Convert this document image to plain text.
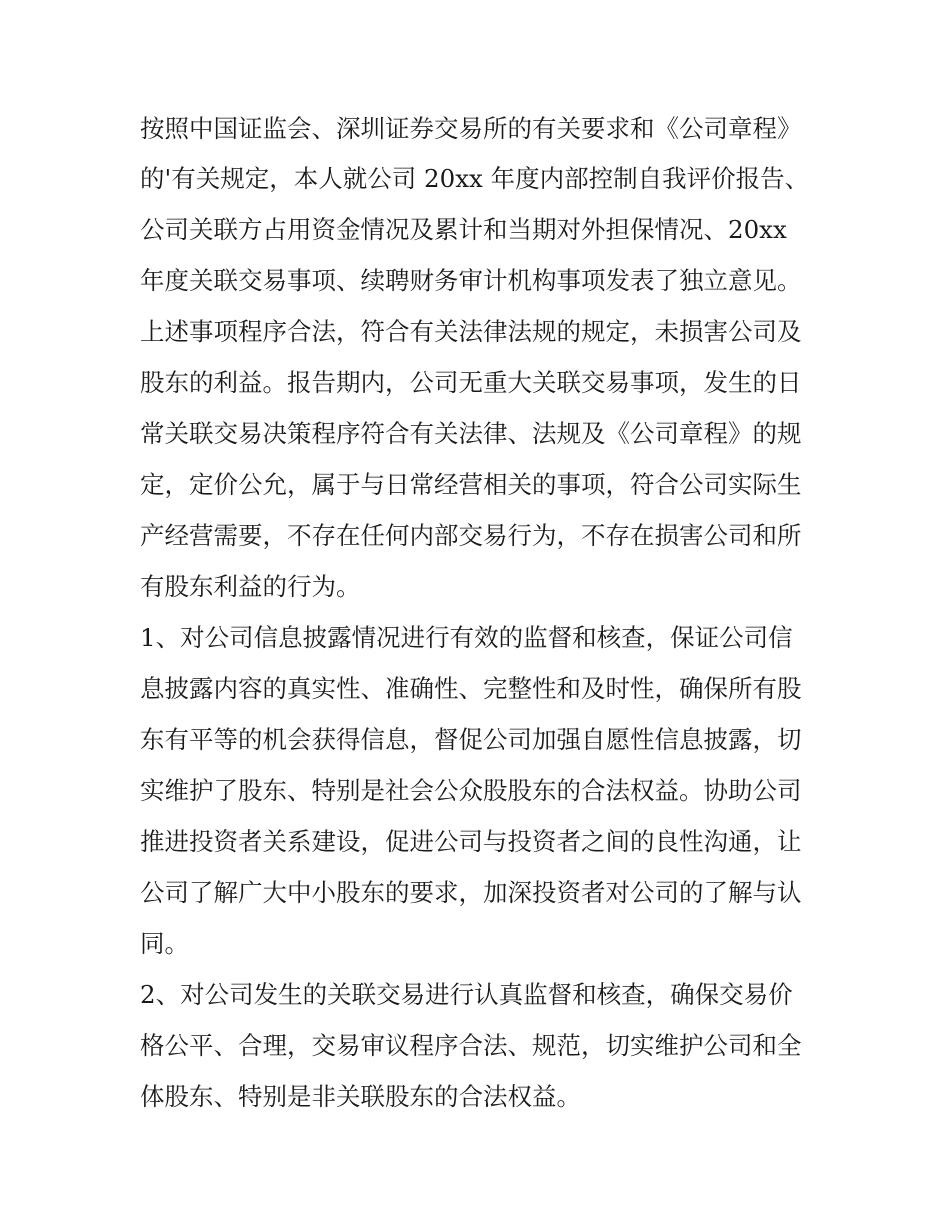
按照中国证监会、深圳证券交易所的有关要求和《公司章程》

的'有关规定，本人就公司 20xx 年度内部控制自我评价报告、

公司关联方占用资金情况及累计和当期对外担保情况、20xx

年度关联交易事项、续聘财务审计机构事项发表了独立意见。

上述事项程序合法，符合有关法律法规的规定，未损害公司及

股东的利益。报告期内，公司无重大关联交易事项，发生的日

常关联交易决策程序符合有关法律、法规及《公司章程》的规

定，定价公允，属于与日常经营相关的事项，符合公司实际生

产经营需要，不存在任何内部交易行为，不存在损害公司和所

有股东利益的行为。

1、对公司信息披露情况进行有效的监督和核查，保证公司信

息披露内容的真实性、准确性、完整性和及时性，确保所有股

东有平等的机会获得信息，督促公司加强自愿性信息披露，切

实维护了股东、特别是社会公众股股东的合法权益。协助公司

推进投资者关系建设，促进公司与投资者之间的良性沟通，让

公司了解广大中小股东的要求，加深投资者对公司的了解与认

同。

2、对公司发生的关联交易进行认真监督和核查，确保交易价

格公平、合理，交易审议程序合法、规范，切实维护公司和全

体股东、特别是非关联股东的合法权益。
